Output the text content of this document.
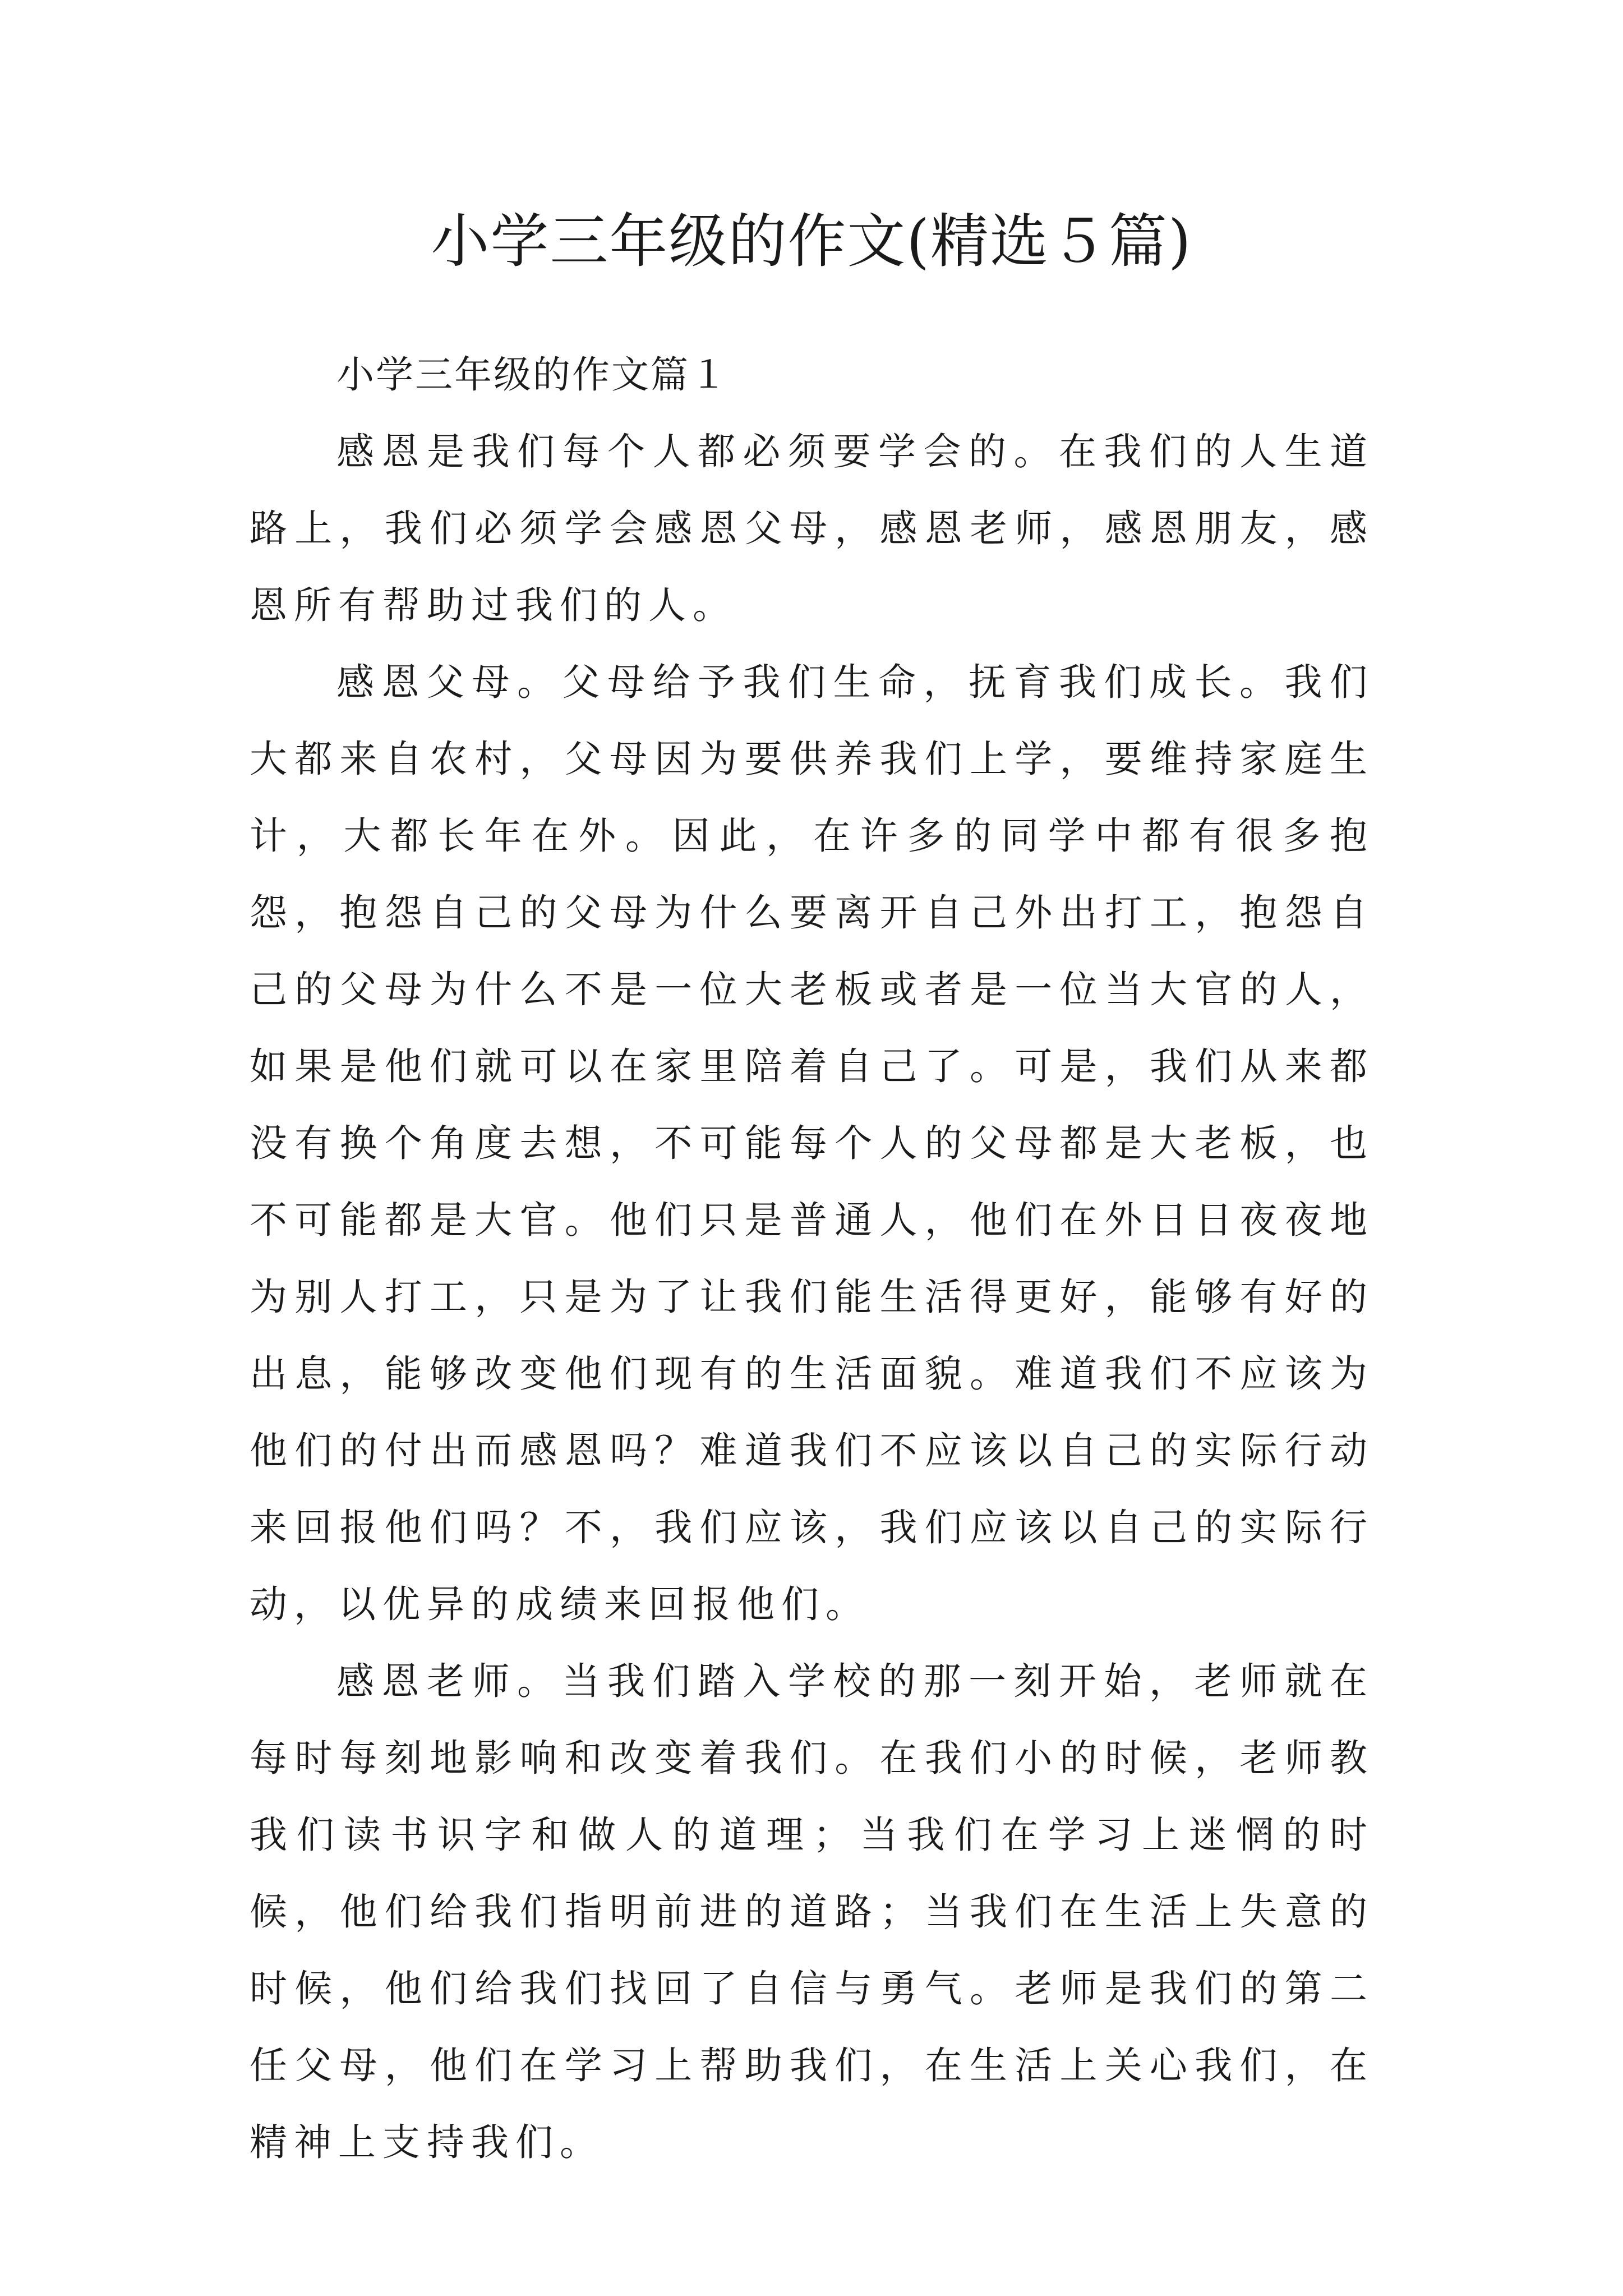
小学三年级的作文(精选５篇)

小学三年级的作文篇１

感恩是我们每个人都必须要学会的。在我们的人生道路上，我们必须学会感恩父母，感恩老师，感恩朋友，感恩所有帮助过我们的人。

感恩父母。父母给予我们生命，抚育我们成长。我们大都来自农村，父母因为要供养我们上学，要维持家庭生计，大都长年在外。因此，在许多的同学中都有很多抱怨，抱怨自己的父母为什么要离开自己外出打工，抱怨自己的父母为什么不是一位大老板或者是一位当大官的人，如果是他们就可以在家里陪着自己了。可是，我们从来都没有换个角度去想，不可能每个人的父母都是大老板，也不可能都是大官。他们只是普通人，他们在外日日夜夜地为别人打工，只是为了让我们能生活得更好，能够有好的出息，能够改变他们现有的生活面貌。难道我们不应该为他们的付出而感恩吗？难道我们不应该以自己的实际行动来回报他们吗？不，我们应该，我们应该以自己的实际行动，以优异的成绩来回报他们。

感恩老师。当我们踏入学校的那一刻开始，老师就在每时每刻地影响和改变着我们。在我们小的时候，老师教我们读书识字和做人的道理；当我们在学习上迷惘的时候，他们给我们指明前进的道路；当我们在生活上失意的时候，他们给我们找回了自信与勇气。老师是我们的第二任父母，他们在学习上帮助我们，在生活上关心我们，在精神上支持我们。
